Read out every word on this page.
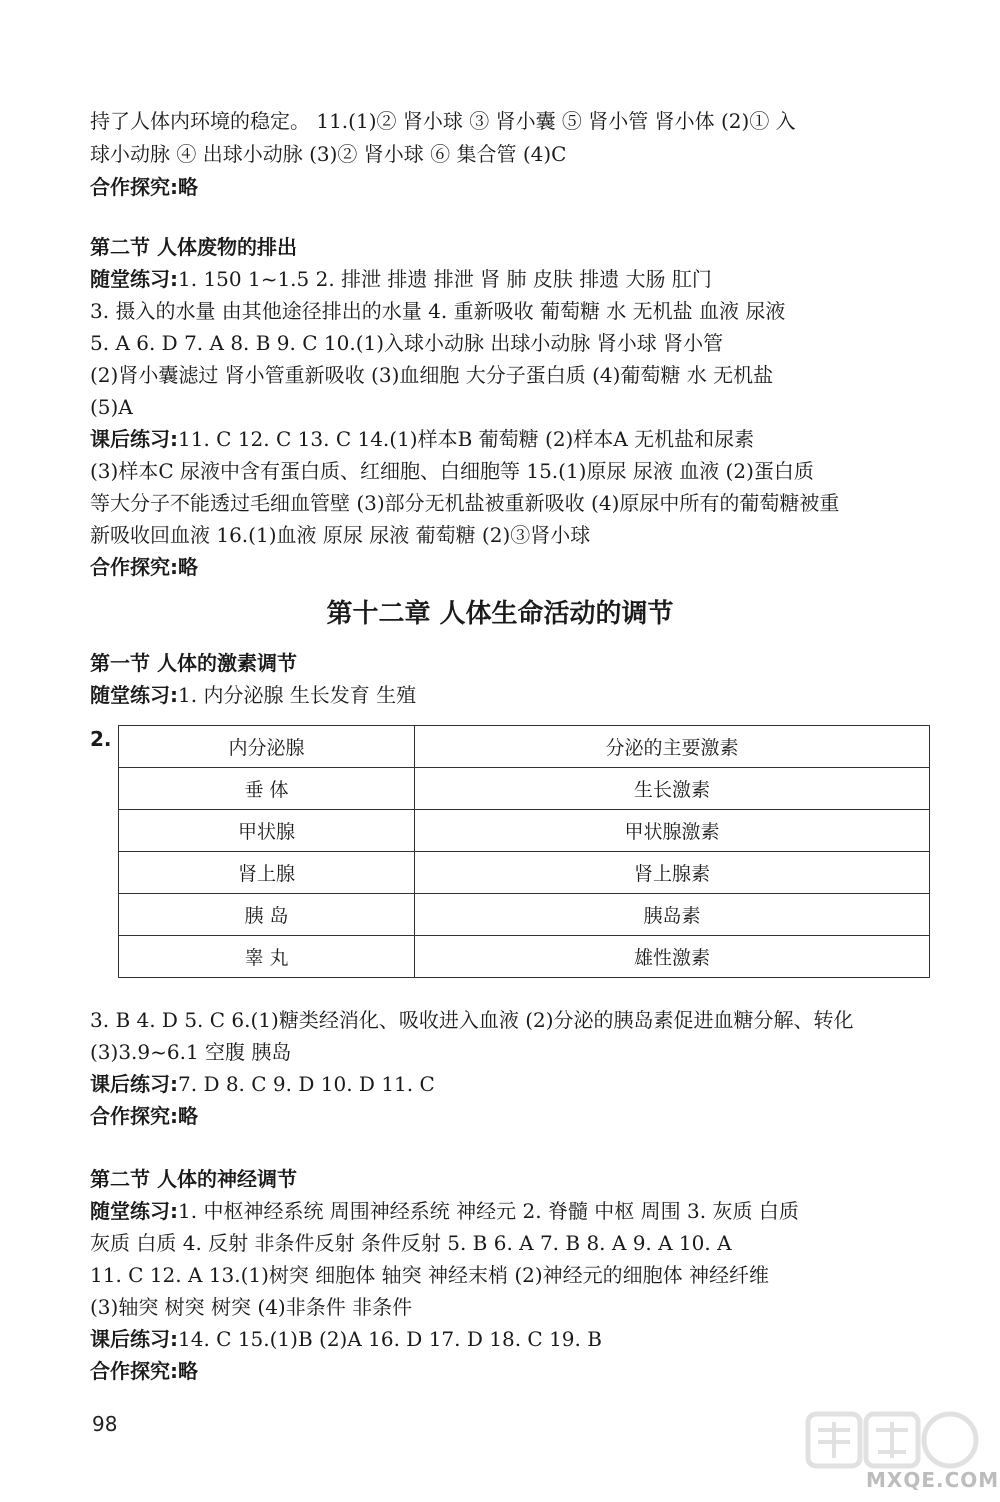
持了人体内环境的稳定。 11.(1)② 肾小球 ③ 肾小囊 ⑤ 肾小管 肾小体 (2)① 入
球小动脉 ④ 出球小动脉 (3)② 肾小球 ⑥ 集合管 (4)C
合作探究:略
第二节 人体废物的排出
随堂练习:1. 150 1~1.5 2. 排泄 排遗 排泄 肾 肺 皮肤 排遗 大肠 肛门
3. 摄入的水量 由其他途径排出的水量 4. 重新吸收 葡萄糖 水 无机盐 血液 尿液
5. A 6. D 7. A 8. B 9. C 10.(1)入球小动脉 出球小动脉 肾小球 肾小管
(2)肾小囊滤过 肾小管重新吸收 (3)血细胞 大分子蛋白质 (4)葡萄糖 水 无机盐
(5)A
课后练习:11. C 12. C 13. C 14.(1)样本B 葡萄糖 (2)样本A 无机盐和尿素
(3)样本C 尿液中含有蛋白质、红细胞、白细胞等 15.(1)原尿 尿液 血液 (2)蛋白质
等大分子不能透过毛细血管壁 (3)部分无机盐被重新吸收 (4)原尿中所有的葡萄糖被重
新吸收回血液 16.(1)血液 原尿 尿液 葡萄糖 (2)③肾小球
合作探究:略
第十二章 人体生命活动的调节
第一节 人体的激素调节
随堂练习:1. 内分泌腺 生长发育 生殖
2.	内分泌腺	分泌的主要激素
垂 体	生长激素
甲状腺	甲状腺激素
肾上腺	肾上腺素
胰 岛	胰岛素
睾 丸	雄性激素
3. B 4. D 5. C 6.(1)糖类经消化、吸收进入血液 (2)分泌的胰岛素促进血糖分解、转化
(3)3.9~6.1 空腹 胰岛
课后练习:7. D 8. C 9. D 10. D 11. C
合作探究:略
第二节 人体的神经调节
随堂练习:1. 中枢神经系统 周围神经系统 神经元 2. 脊髓 中枢 周围 3. 灰质 白质
灰质 白质 4. 反射 非条件反射 条件反射 5. B 6. A 7. B 8. A 9. A 10. A
11. C 12. A 13.(1)树突 细胞体 轴突 神经末梢 (2)神经元的细胞体 神经纤维
(3)轴突 树突 树突 (4)非条件 非条件
课后练习:14. C 15.(1)B (2)A 16. D 17. D 18. C 19. B
合作探究:略
98
MXQE.COM
